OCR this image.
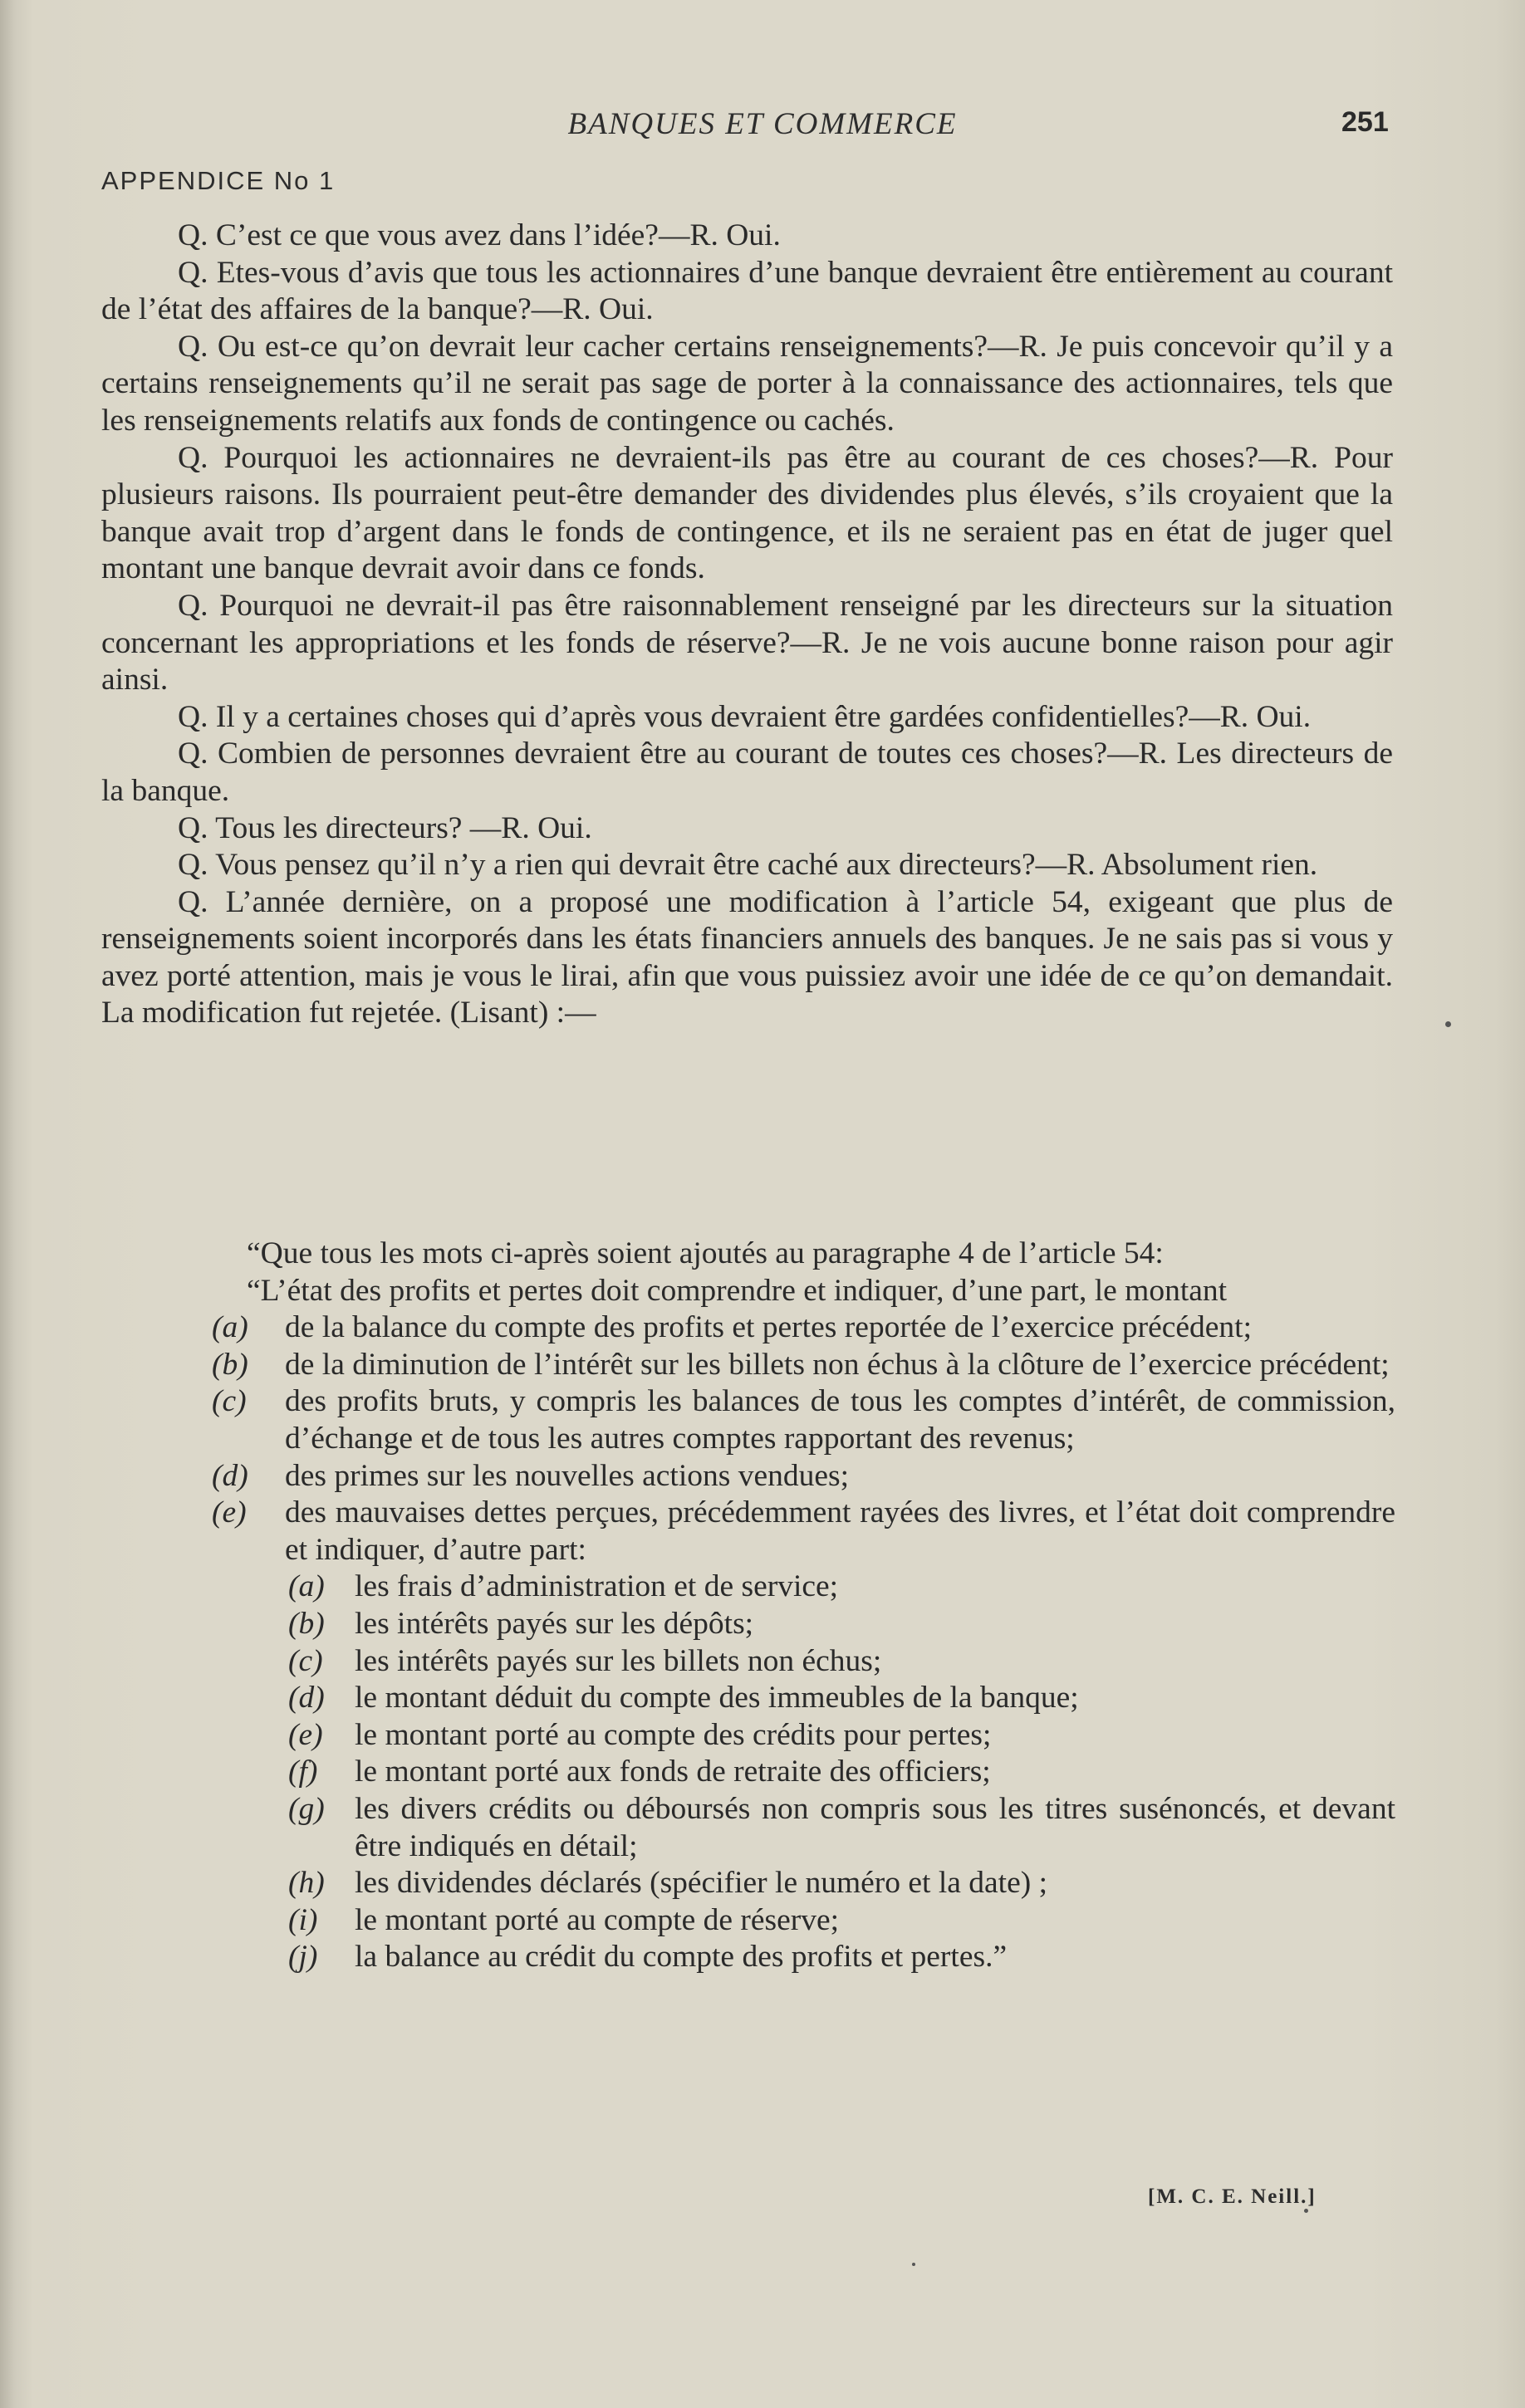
BANQUES ET COMMERCE	251
APPENDICE No 1

Q. C’est ce que vous avez dans l’idée?—R. Oui.

Q. Etes-vous d’avis que tous les actionnaires d’une banque devraient être entièrement au courant de l’état des affaires de la banque?—R. Oui.

Q. Ou est-ce qu’on devrait leur cacher certains renseignements?—R. Je puis concevoir qu’il y a certains renseignements qu’il ne serait pas sage de porter à la connaissance des actionnaires, tels que les renseignements relatifs aux fonds de contingence ou cachés.

Q. Pourquoi les actionnaires ne devraient-ils pas être au courant de ces choses?—R. Pour plusieurs raisons. Ils pourraient peut-être demander des dividendes plus élevés, s’ils croyaient que la banque avait trop d’argent dans le fonds de contingence, et ils ne seraient pas en état de juger quel montant une banque devrait avoir dans ce fonds.

Q. Pourquoi ne devrait-il pas être raisonnablement renseigné par les directeurs sur la situation concernant les appropriations et les fonds de réserve?—R. Je ne vois aucune bonne raison pour agir ainsi.

Q. Il y a certaines choses qui d’après vous devraient être gardées confidentielles?—R. Oui.

Q. Combien de personnes devraient être au courant de toutes ces choses?—R. Les directeurs de la banque.

Q. Tous les directeurs? —R. Oui.

Q. Vous pensez qu’il n’y a rien qui devrait être caché aux directeurs?—R. Absolument rien.

Q. L’année dernière, on a proposé une modification à l’article 54, exigeant que plus de renseignements soient incorporés dans les états financiers annuels des banques. Je ne sais pas si vous y avez porté attention, mais je vous le lirai, afin que vous puissiez avoir une idée de ce qu’on demandait. La modification fut rejetée. (Lisant) :—

“Que tous les mots ci-après soient ajoutés au paragraphe 4 de l’article 54:

“L’état des profits et pertes doit comprendre et indiquer, d’une part, le montant

(a)	de la balance du compte des profits et pertes reportée de l’exercice précédent;
(b)	de la diminution de l’intérêt sur les billets non échus à la clôture de l’exercice précédent;
(c)	des profits bruts, y compris les balances de tous les comptes d’intérêt, de commission, d’échange et de tous les autres comptes rapportant des revenus;
(d)	des primes sur les nouvelles actions vendues;
(e)	des mauvaises dettes perçues, précédemment rayées des livres, et l’état doit comprendre et indiquer, d’autre part:
(a) les frais d’administration et de service;
(b) les intérêts payés sur les dépôts;
(c)	les intérêts payés sur les billets non échus;
(d) le montant déduit du compte des immeubles de la banque;
(e)	le montant porté au compte des crédits pour pertes;
(f)	le montant porté aux fonds de retraite des officiers;
(g) les divers crédits ou déboursés non compris sous les titres susénoncés, et devant être indiqués en détail;
(h) les dividendes déclarés (spécifier le numéro et la date) ;
(i)	le montant porté au compte de réserve;
(j)	la balance au crédit du compte des profits et pertes.”
[M. C. E. Neill.]
